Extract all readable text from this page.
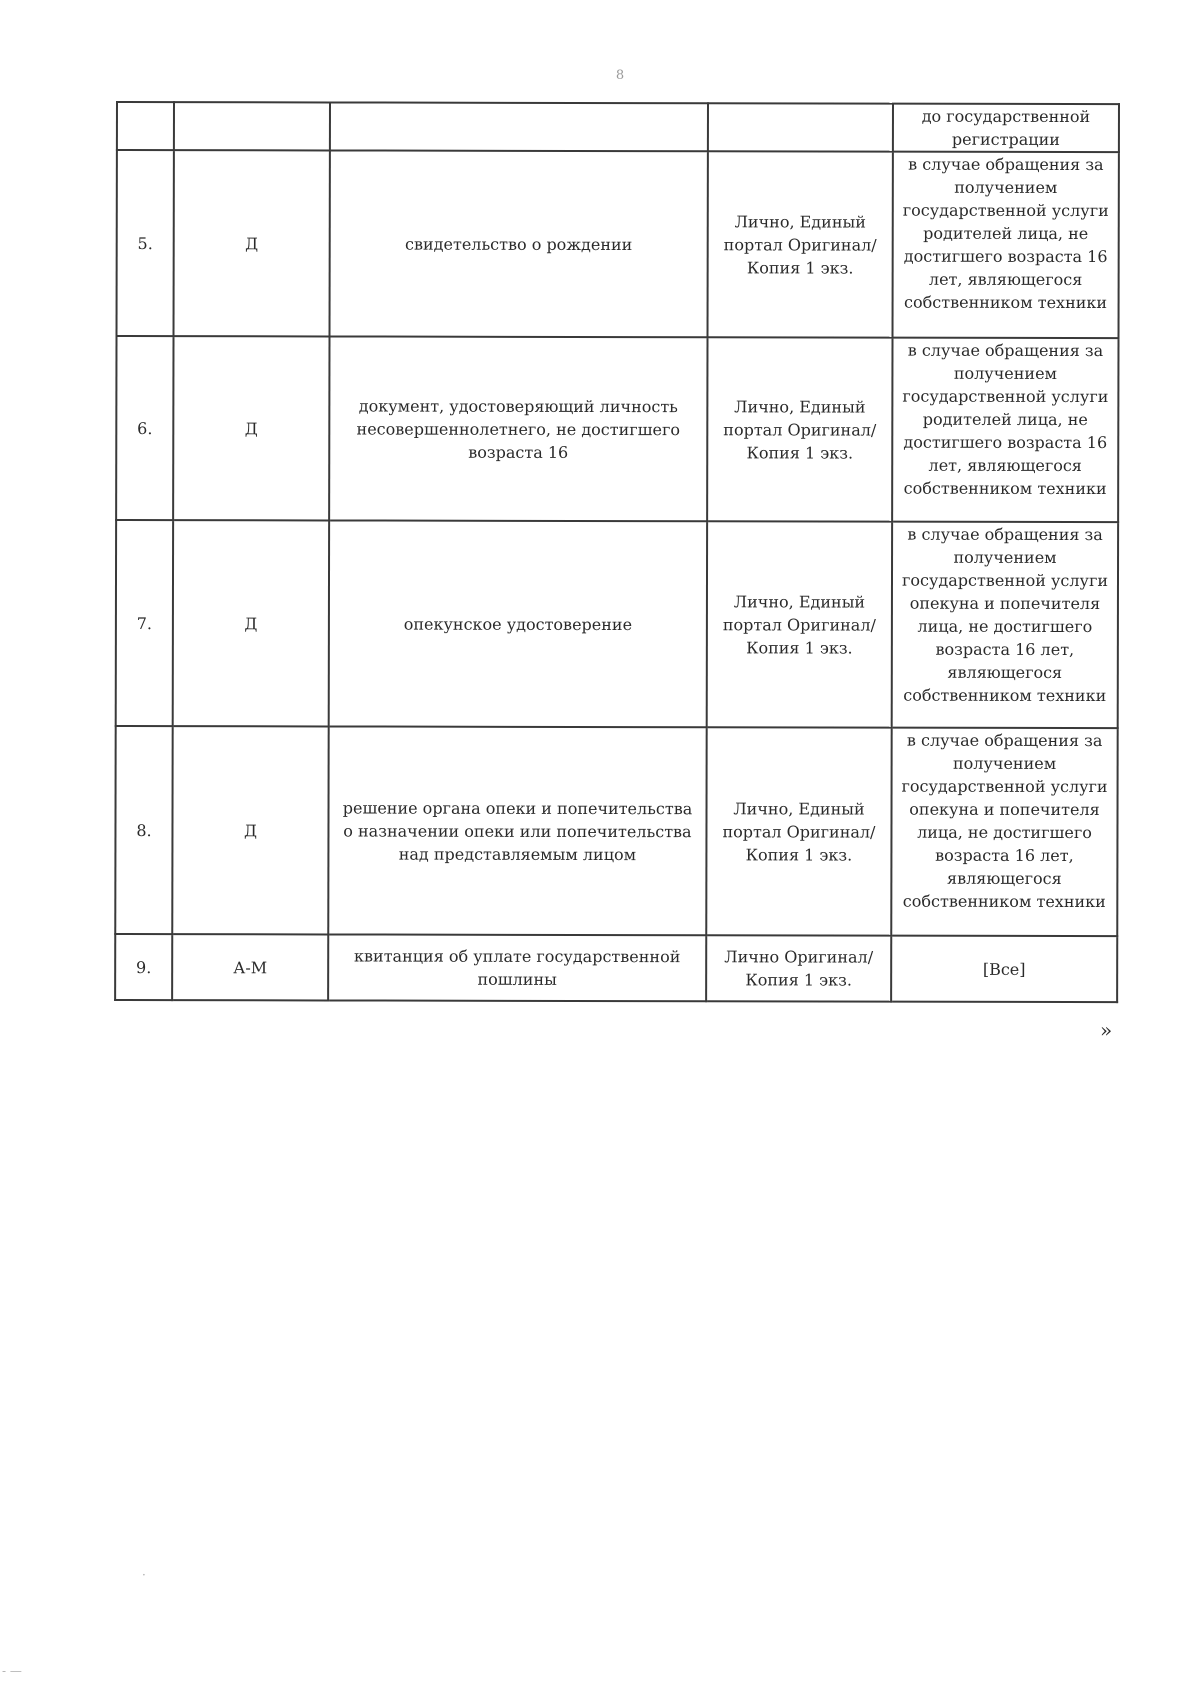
8
				до государственной регистрации
5.	Д	свидетельство о рождении	Лично, Единый портал Оригинал/Копия 1 экз.	в случае обращения за получением государственной услуги родителей лица, не достигшего возраста 16 лет, являющегося собственником техники
6.	Д	документ, удостоверяющий личность несовершеннолетнего, не достигшего возраста 16	Лично, Единый портал Оригинал/Копия 1 экз.	в случае обращения за получением государственной услуги родителей лица, не достигшего возраста 16 лет, являющегося собственником техники
7.	Д	опекунское удостоверение	Лично, Единый портал Оригинал/Копия 1 экз.	в случае обращения за получением государственной услуги опекуна и попечителя лица, не достигшего возраста 16 лет, являющегося собственником техники
8.	Д	решение органа опеки и попечительства о назначении опеки или попечительства над представляемым лицом	Лично, Единый портал Оригинал/Копия 1 экз.	в случае обращения за получением государственной услуги опекуна и попечителя лица, не достигшего возраста 16 лет, являющегося собственником техники
9.	А-М	квитанция об уплате государственной пошлины	Лично Оригинал/Копия 1 экз.	[Все]
»
·
- —
